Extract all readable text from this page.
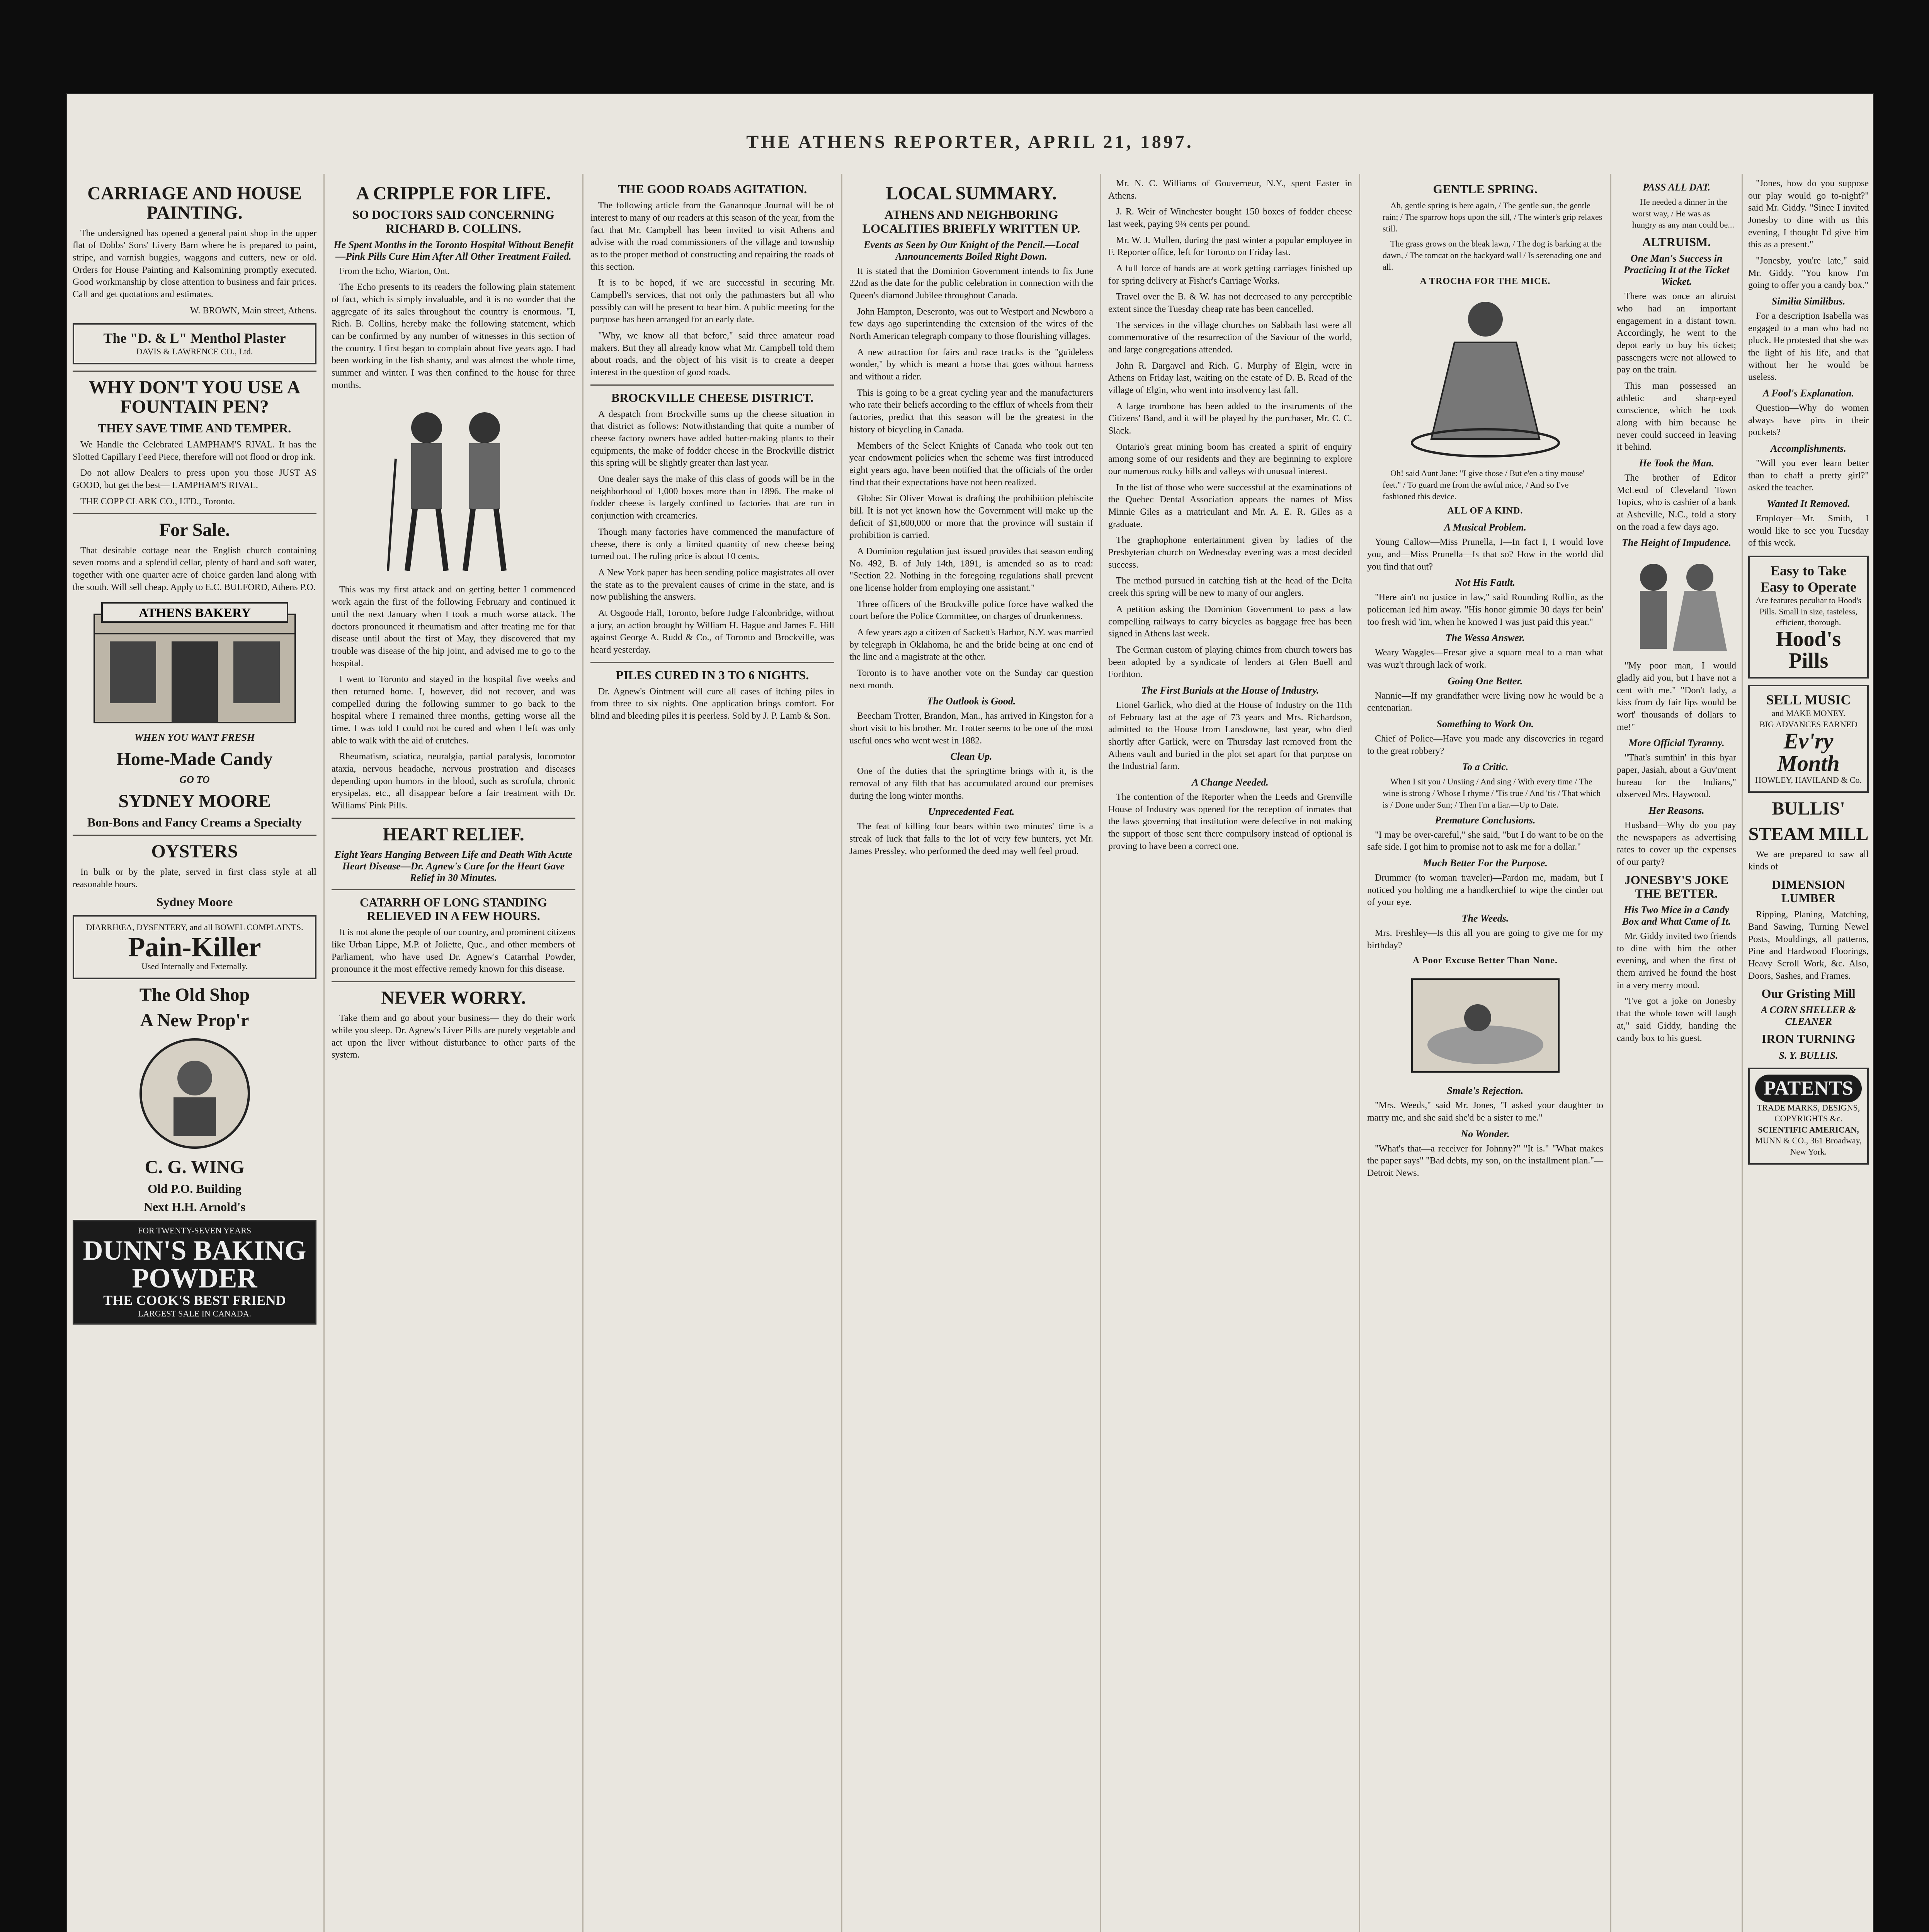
THE ATHENS REPORTER, APRIL 21, 1897.
CARRIAGE AND HOUSE PAINTING.

The undersigned has opened a general paint shop in the upper flat of Dobbs' Sons' Livery Barn where he is prepared to paint, stripe, and varnish buggies, waggons and cutters, new or old. Orders for House Painting and Kalsomining promptly executed. Good workmanship by close attention to business and fair prices. Call and get quotations and estimates.

W. BROWN, Main street, Athens.

The "D. & L" Menthol Plaster
DAVIS & LAWRENCE CO., Ltd.
WHY DON'T YOU USE A FOUNTAIN PEN?
THEY SAVE TIME AND TEMPER.

We Handle the Celebrated LAMPHAM'S RIVAL. It has the Slotted Capillary Feed Piece, therefore will not flood or drop ink.

Do not allow Dealers to press upon you those JUST AS GOOD, but get the best— LAMPHAM'S RIVAL.

THE COPP CLARK CO., LTD., Toronto.

For Sale.

That desirable cottage near the English church containing seven rooms and a splendid cellar, plenty of hard and soft water, together with one quarter acre of choice garden land along with the south. Will sell cheap. Apply to E.C. BULFORD, Athens P.O.

ATHENS BAKERY
WHEN YOU WANT FRESH
Home-Made Candy
GO TO
SYDNEY MOORE
Bon-Bons and Fancy Creams a Specialty
OYSTERS

In bulk or by the plate, served in first class style at all reasonable hours.

Sydney Moore
DIARRHŒA, DYSENTERY, and all BOWEL COMPLAINTS.
Pain-Killer
Used Internally and Externally.
The Old Shop
A New Prop'r
C. G. WING
Old P.O. Building
Next H.H. Arnold's
FOR TWENTY-SEVEN YEARS
DUNN'S BAKING POWDER
THE COOK'S BEST FRIEND
LARGEST SALE IN CANADA.
A CRIPPLE FOR LIFE.
SO DOCTORS SAID CONCERNING RICHARD B. COLLINS.
He Spent Months in the Toronto Hospital Without Benefit—Pink Pills Cure Him After All Other Treatment Failed.

From the Echo, Wiarton, Ont.

The Echo presents to its readers the following plain statement of fact, which is simply invaluable, and it is no wonder that the aggregate of its sales throughout the country is enormous. "I, Rich. B. Collins, hereby make the following statement, which can be confirmed by any number of witnesses in this section of the country. I first began to complain about five years ago. I had been working in the fish shanty, and was almost the whole time, summer and winter. I was then confined to the house for three months.

This was my first attack and on getting better I commenced work again the first of the following February and continued it until the next January when I took a much worse attack. The doctors pronounced it rheumatism and after treating me for that disease until about the first of May, they discovered that my trouble was disease of the hip joint, and advised me to go to the hospital.

I went to Toronto and stayed in the hospital five weeks and then returned home. I, however, did not recover, and was compelled during the following summer to go back to the hospital where I remained three months, getting worse all the time. I was told I could not be cured and when I left was only able to walk with the aid of crutches.

Rheumatism, sciatica, neuralgia, partial paralysis, locomotor ataxia, nervous headache, nervous prostration and diseases depending upon humors in the blood, such as scrofula, chronic erysipelas, etc., all disappear before a fair treatment with Dr. Williams' Pink Pills.

HEART RELIEF.
Eight Years Hanging Between Life and Death With Acute Heart Disease—Dr. Agnew's Cure for the Heart Gave Relief in 30 Minutes.
CATARRH OF LONG STANDING RELIEVED IN A FEW HOURS.

It is not alone the people of our country, and prominent citizens like Urban Lippe, M.P. of Joliette, Que., and other members of Parliament, who have used Dr. Agnew's Catarrhal Powder, pronounce it the most effective remedy known for this disease.

NEVER WORRY.

Take them and go about your business— they do their work while you sleep. Dr. Agnew's Liver Pills are purely vegetable and act upon the liver without disturbance to other parts of the system.

THE GOOD ROADS AGITATION.

The following article from the Gananoque Journal will be of interest to many of our readers at this season of the year, from the fact that Mr. Campbell has been invited to visit Athens and advise with the road commissioners of the village and township as to the proper method of constructing and repairing the roads of this section.

It is to be hoped, if we are successful in securing Mr. Campbell's services, that not only the pathmasters but all who possibly can will be present to hear him. A public meeting for the purpose has been arranged for an early date.

"Why, we know all that before," said three amateur road makers. But they all already know what Mr. Campbell told them about roads, and the object of his visit is to create a deeper interest in the question of good roads.

BROCKVILLE CHEESE DISTRICT.

A despatch from Brockville sums up the cheese situation in that district as follows: Notwithstanding that quite a number of cheese factory owners have added butter-making plants to their equipments, the make of fodder cheese in the Brockville district this spring will be slightly greater than last year.

One dealer says the make of this class of goods will be in the neighborhood of 1,000 boxes more than in 1896. The make of fodder cheese is largely confined to factories that are run in conjunction with creameries.

Though many factories have commenced the manufacture of cheese, there is only a limited quantity of new cheese being turned out. The ruling price is about 10 cents.

A New York paper has been sending police magistrates all over the state as to the prevalent causes of crime in the state, and is now publishing the answers.

At Osgoode Hall, Toronto, before Judge Falconbridge, without a jury, an action brought by William H. Hague and James E. Hill against George A. Rudd & Co., of Toronto and Brockville, was heard yesterday.

PILES CURED IN 3 TO 6 NIGHTS.

Dr. Agnew's Ointment will cure all cases of itching piles in from three to six nights. One application brings comfort. For blind and bleeding piles it is peerless. Sold by J. P. Lamb & Son.

LOCAL SUMMARY.
ATHENS AND NEIGHBORING LOCALITIES BRIEFLY WRITTEN UP.
Events as Seen by Our Knight of the Pencil.—Local Announcements Boiled Right Down.

It is stated that the Dominion Government intends to fix June 22nd as the date for the public celebration in connection with the Queen's diamond Jubilee throughout Canada.

John Hampton, Deseronto, was out to Westport and Newboro a few days ago superintending the extension of the wires of the North American telegraph company to those flourishing villages.

A new attraction for fairs and race tracks is the "guideless wonder," by which is meant a horse that goes without harness and without a rider.

This is going to be a great cycling year and the manufacturers who rate their beliefs according to the efflux of wheels from their factories, predict that this season will be the greatest in the history of bicycling in Canada.

Members of the Select Knights of Canada who took out ten year endowment policies when the scheme was first introduced eight years ago, have been notified that the officials of the order find that their expectations have not been realized.

Globe: Sir Oliver Mowat is drafting the prohibition plebiscite bill. It is not yet known how the Government will make up the deficit of $1,600,000 or more that the province will sustain if prohibition is carried.

A Dominion regulation just issued provides that season ending No. 492, B. of July 14th, 1891, is amended so as to read: "Section 22. Nothing in the foregoing regulations shall prevent one license holder from employing one assistant."

Three officers of the Brockville police force have walked the court before the Police Committee, on charges of drunkenness.

A few years ago a citizen of Sackett's Harbor, N.Y. was married by telegraph in Oklahoma, he and the bride being at one end of the line and a magistrate at the other.

Toronto is to have another vote on the Sunday car question next month.

The Outlook is Good.

Beecham Trotter, Brandon, Man., has arrived in Kingston for a short visit to his brother. Mr. Trotter seems to be one of the most useful ones who went west in 1882.

Clean Up.

One of the duties that the springtime brings with it, is the removal of any filth that has accumulated around our premises during the long winter months.

Unprecedented Feat.

The feat of killing four bears within two minutes' time is a streak of luck that falls to the lot of very few hunters, yet Mr. James Pressley, who performed the deed may well feel proud.

Mr. N. C. Williams of Gouverneur, N.Y., spent Easter in Athens.

J. R. Weir of Winchester bought 150 boxes of fodder cheese last week, paying 9¼ cents per pound.

Mr. W. J. Mullen, during the past winter a popular employee in F. Reporter office, left for Toronto on Friday last.

A full force of hands are at work getting carriages finished up for spring delivery at Fisher's Carriage Works.

Travel over the B. & W. has not decreased to any perceptible extent since the Tuesday cheap rate has been cancelled.

The services in the village churches on Sabbath last were all commemorative of the resurrection of the Saviour of the world, and large congregations attended.

John R. Dargavel and Rich. G. Murphy of Elgin, were in Athens on Friday last, waiting on the estate of D. B. Read of the village of Elgin, who went into insolvency last fall.

A large trombone has been added to the instruments of the Citizens' Band, and it will be played by the purchaser, Mr. C. C. Slack.

Ontario's great mining boom has created a spirit of enquiry among some of our residents and they are beginning to explore our numerous rocky hills and valleys with unusual interest.

In the list of those who were successful at the examinations of the Quebec Dental Association appears the names of Miss Minnie Giles as a matriculant and Mr. A. E. R. Giles as a graduate.

The graphophone entertainment given by ladies of the Presbyterian church on Wednesday evening was a most decided success.

The method pursued in catching fish at the head of the Delta creek this spring will be new to many of our anglers.

A petition asking the Dominion Government to pass a law compelling railways to carry bicycles as baggage free has been signed in Athens last week.

The German custom of playing chimes from church towers has been adopted by a syndicate of lenders at Glen Buell and Forthton.

The First Burials at the House of Industry.

Lionel Garlick, who died at the House of Industry on the 11th of February last at the age of 73 years and Mrs. Richardson, admitted to the House from Lansdowne, last year, who died shortly after Garlick, were on Thursday last removed from the Athens vault and buried in the plot set apart for that purpose on the Industrial farm.

A Change Needed.

The contention of the Reporter when the Leeds and Grenville House of Industry was opened for the reception of inmates that the laws governing that institution were defective in not making the support of those sent there compulsory instead of optional is proving to have been a correct one.

GENTLE SPRING.

Ah, gentle spring is here again, / The gentle sun, the gentle rain; / The sparrow hops upon the sill, / The winter's grip relaxes still.

The grass grows on the bleak lawn, / The dog is barking at the dawn, / The tomcat on the backyard wall / Is serenading one and all.

A TROCHA FOR THE MICE.

Oh! said Aunt Jane: "I give those / But e'en a tiny mouse' feet." / To guard me from the awful mice, / And so I've fashioned this device.

ALL OF A KIND.
A Musical Problem.

Young Callow—Miss Prunella, I—In fact I, I would love you, and—Miss Prunella—Is that so? How in the world did you find that out?

Not His Fault.

"Here ain't no justice in law," said Rounding Rollin, as the policeman led him away. "His honor gimmie 30 days fer bein' too fresh wid 'im, when he knowed I was just paid this year."

The Wessa Answer.

Weary Waggles—Fresar give a squarn meal to a man what was wuz't through lack of work.

Going One Better.

Nannie—If my grandfather were living now he would be a centenarian.

Something to Work On.

Chief of Police—Have you made any discoveries in regard to the great robbery?

To a Critic.

When I sit you / Unsiing / And sing / With every time / The wine is strong / Whose I rhyme / 'Tis true / And 'tis / That which is / Done under Sun; / Then I'm a liar.—Up to Date.

Premature Conclusions.

"I may be over-careful," she said, "but I do want to be on the safe side. I got him to promise not to ask me for a dollar."

Much Better For the Purpose.

Drummer (to woman traveler)—Pardon me, madam, but I noticed you holding me a handkerchief to wipe the cinder out of your eye.

The Weeds.

Mrs. Freshley—Is this all you are going to give me for my birthday?

A Poor Excuse Better Than None.
Smale's Rejection.

"Mrs. Weeds," said Mr. Jones, "I asked your daughter to marry me, and she said she'd be a sister to me."

No Wonder.

"What's that—a receiver for Johnny?" "It is." "What makes the paper says" "Bad debts, my son, on the installment plan."—Detroit News.

PASS ALL DAT.

He needed a dinner in the worst way, / He was as hungry as any man could be...

ALTRUISM.
One Man's Success in Practicing It at the Ticket Wicket.

There was once an altruist who had an important engagement in a distant town. Accordingly, he went to the depot early to buy his ticket; passengers were not allowed to pay on the train.

This man possessed an athletic and sharp-eyed conscience, which he took along with him because he never could succeed in leaving it behind.

He Took the Man.

The brother of Editor McLeod of Cleveland Town Topics, who is cashier of a bank at Asheville, N.C., told a story on the road a few days ago.

The Height of Impudence.

"My poor man, I would gladly aid you, but I have not a cent with me." "Don't lady, a kiss from dy fair lips would be wort' thousands of dollars to me!"

More Official Tyranny.

"That's sumthin' in this hyar paper, Jasiah, about a Guv'ment bureau for the Indians," observed Mrs. Haywood.

Her Reasons.

Husband—Why do you pay the newspapers as advertising rates to cover up the expenses of our party?

JONESBY'S JOKE THE BETTER.
His Two Mice in a Candy Box and What Came of It.

Mr. Giddy invited two friends to dine with him the other evening, and when the first of them arrived he found the host in a very merry mood.

"I've got a joke on Jonesby that the whole town will laugh at," said Giddy, handing the candy box to his guest.

"Jones, how do you suppose our play would go to-night?" said Mr. Giddy. "Since I invited Jonesby to dine with us this evening, I thought I'd give him this as a present."

"Jonesby, you're late," said Mr. Giddy. "You know I'm going to offer you a candy box."

Similia Similibus.

For a description Isabella was engaged to a man who had no pluck. He protested that she was the light of his life, and that without her he would be useless.

A Fool's Explanation.

Question—Why do women always have pins in their pockets?

Accomplishments.

"Will you ever learn better than to chaff a pretty girl?" asked the teacher.

Wanted It Removed.

Employer—Mr. Smith, I would like to see you Tuesday of this week.

Easy to Take
Easy to Operate
Are features peculiar to Hood's Pills. Small in size, tasteless, efficient, thorough.
Hood's Pills
SELL MUSIC
and MAKE MONEY.
BIG ADVANCES EARNED
Ev'ry Month
HOWLEY, HAVILAND & Co.
BULLIS'
STEAM MILL

We are prepared to saw all kinds of

DIMENSION LUMBER

Ripping, Planing, Matching, Band Sawing, Turning Newel Posts, Mouldings, all patterns, Pine and Hardwood Floorings, Heavy Scroll Work, &c. Also, Doors, Sashes, and Frames.

Our Gristing Mill
A CORN SHELLER & CLEANER
IRON TURNING
S. Y. BULLIS.
PATENTS
TRADE MARKS, DESIGNS, COPYRIGHTS &c.
SCIENTIFIC AMERICAN,
MUNN & CO., 361 Broadway, New York.
